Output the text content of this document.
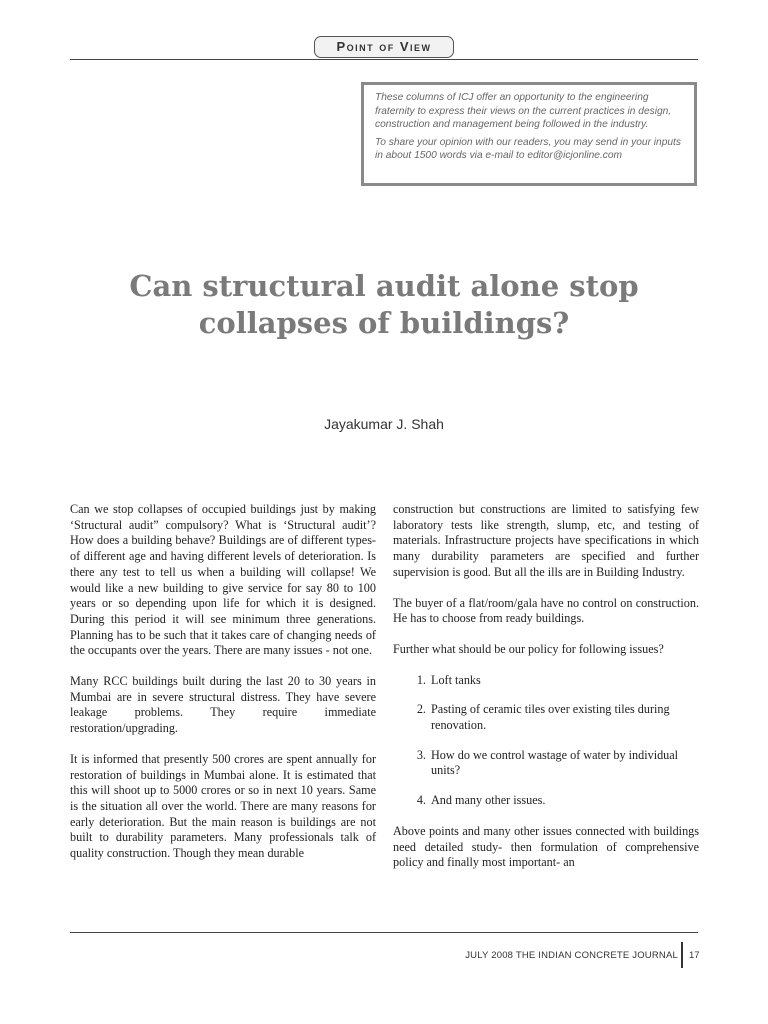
Point of View

These columns of ICJ offer an opportunity to the engineering fraternity to express their views on the current practices in design, construction and management being followed in the industry.

To share your opinion with our readers, you may send in your inputs in about 1500 words via e-mail to editor@icjonline.com

Can structural audit alone stop
collapses of buildings?
Jayakumar J. Shah

Can we stop collapses of occupied buildings just by making ‘Structural audit” compulsory? What is ‘Structural audit’? How does a building behave? Buildings are of different types-of different age and having different levels of deterioration. Is there any test to tell us when a building will collapse! We would like a new building to give service for say 80 to 100 years or so depending upon life for which it is designed. During this period it will see minimum three generations. Planning has to be such that it takes care of changing needs of the occupants over the years. There are many issues - not one.

Many RCC buildings built during the last 20 to 30 years in Mumbai are in severe structural distress. They have severe leakage problems. They require immediate restoration/upgrading.

It is informed that presently 500 crores are spent annually for restoration of buildings in Mumbai alone. It is estimated that this will shoot up to 5000 crores or so in next 10 years. Same is the situation all over the world. There are many reasons for early deterioration. But the main reason is buildings are not built to durability parameters. Many professionals talk of quality construction. Though they mean durable

construction but constructions are limited to satisfying few laboratory tests like strength, slump, etc, and testing of materials. Infrastructure projects have specifications in which many durability parameters are specified and further supervision is good. But all the ills are in Building Industry.

The buyer of a flat/room/gala have no control on construction. He has to choose from ready buildings.

Further what should be our policy for following issues?

1. Loft tanks
2. Pasting of ceramic tiles over existing tiles during renovation.
3. How do we control wastage of water by individual units?
4. And many other issues.

Above points and many other issues connected with buildings need detailed study- then formulation of comprehensive policy and finally most important- an

JULY 2008 THE INDIAN CONCRETE JOURNAL 17
